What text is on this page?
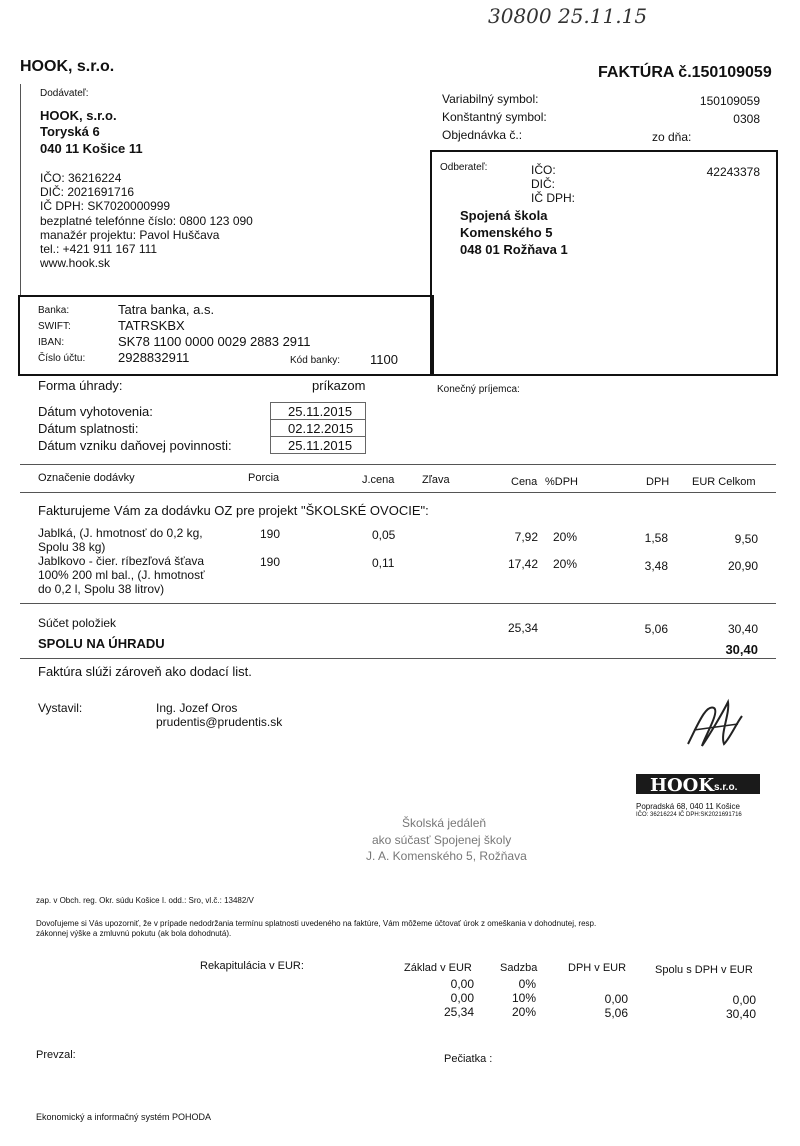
30800 25.11.15
HOOK, s.r.o.	FAKTÚRA č.150109059
Dodávateľ:
HOOK, s.r.o.
Toryská 6
040 11 Košice 11
IČO: 36216224
DIČ: 2021691716
IČ DPH: SK7020000999
bezplatné telefónne číslo: 0800 123 090
manažér projektu: Pavol Huščava
tel.: +421 911 167 111
www.hook.sk
Variabilný symbol:	150109059
Konštantný symbol:	0308
Objednávka č.:	zo dňa:
Odberateľ:	IČO:	42243378
DIČ:
IČ DPH:
Spojená škola
Komenského 5
048 01 Rožňava 1
Banka:	Tatra banka, a.s.
SWIFT:	TATRSKBX
IBAN:	SK78 1100 0000 0029 2883 2911
Číslo účtu:	2928832911	Kód banky: 1100
Forma úhrady:	príkazom	Konečný príjemca:
Dátum vyhotovenia:	25.11.2015
Dátum splatnosti:	02.12.2015
Dátum vzniku daňovej povinnosti:	25.11.2015
Označenie dodávky	Porcia	J.cena	Zľava	Cena %DPH	DPH EUR Celkom
Fakturujeme Vám za dodávku OZ pre projekt "ŠKOLSKÉ OVOCIE":
Jablká, (J. hmotnosť do 0,2 kg,
Spolu 38 kg)
190	0,05	7,92 20%	1,58	9,50
Jablkovo - čier. ríbezľová šťava
100% 200 ml bal., (J. hmotnosť
do 0,2 l, Spolu 38 litrov)
190	0,11	17,42 20%	3,48	20,90
Súčet položiek	25,34	5,06	30,40
SPOLU NA ÚHRADU	30,40
Faktúra slúži zároveň ako dodací list.
Vystavil:	Ing. Jozef Oros
prudentis@prudentis.sk
HOOK s.r.o.
Popradská 68, 040 11 Košice
IČO: 36216224 IČ DPH:SK2021691716
Školská jedáleň
ako súčasť Spojenej školy
J. A. Komenského 5, Rožňava
zap. v Obch. reg. Okr. súdu Košice I. odd.: Sro, vl.č.: 13482/V
Dovoľujeme si Vás upozorniť, že v prípade nedodržania termínu splatnosti uvedeného na faktúre, Vám môžeme účtovať úrok z omeškania v dohodnutej, resp.
zákonnej výške a zmluvnú pokutu (ak bola dohodnutá).
Rekapitulácia v EUR:	Základ v EUR	Sadzba	DPH v EUR	Spolu s DPH v EUR
0,00	0%
0,00	10%	0,00	0,00
25,34	20%	5,06	30,40
Prevzal:	Pečiatka :
Ekonomický a informačný systém POHODA
